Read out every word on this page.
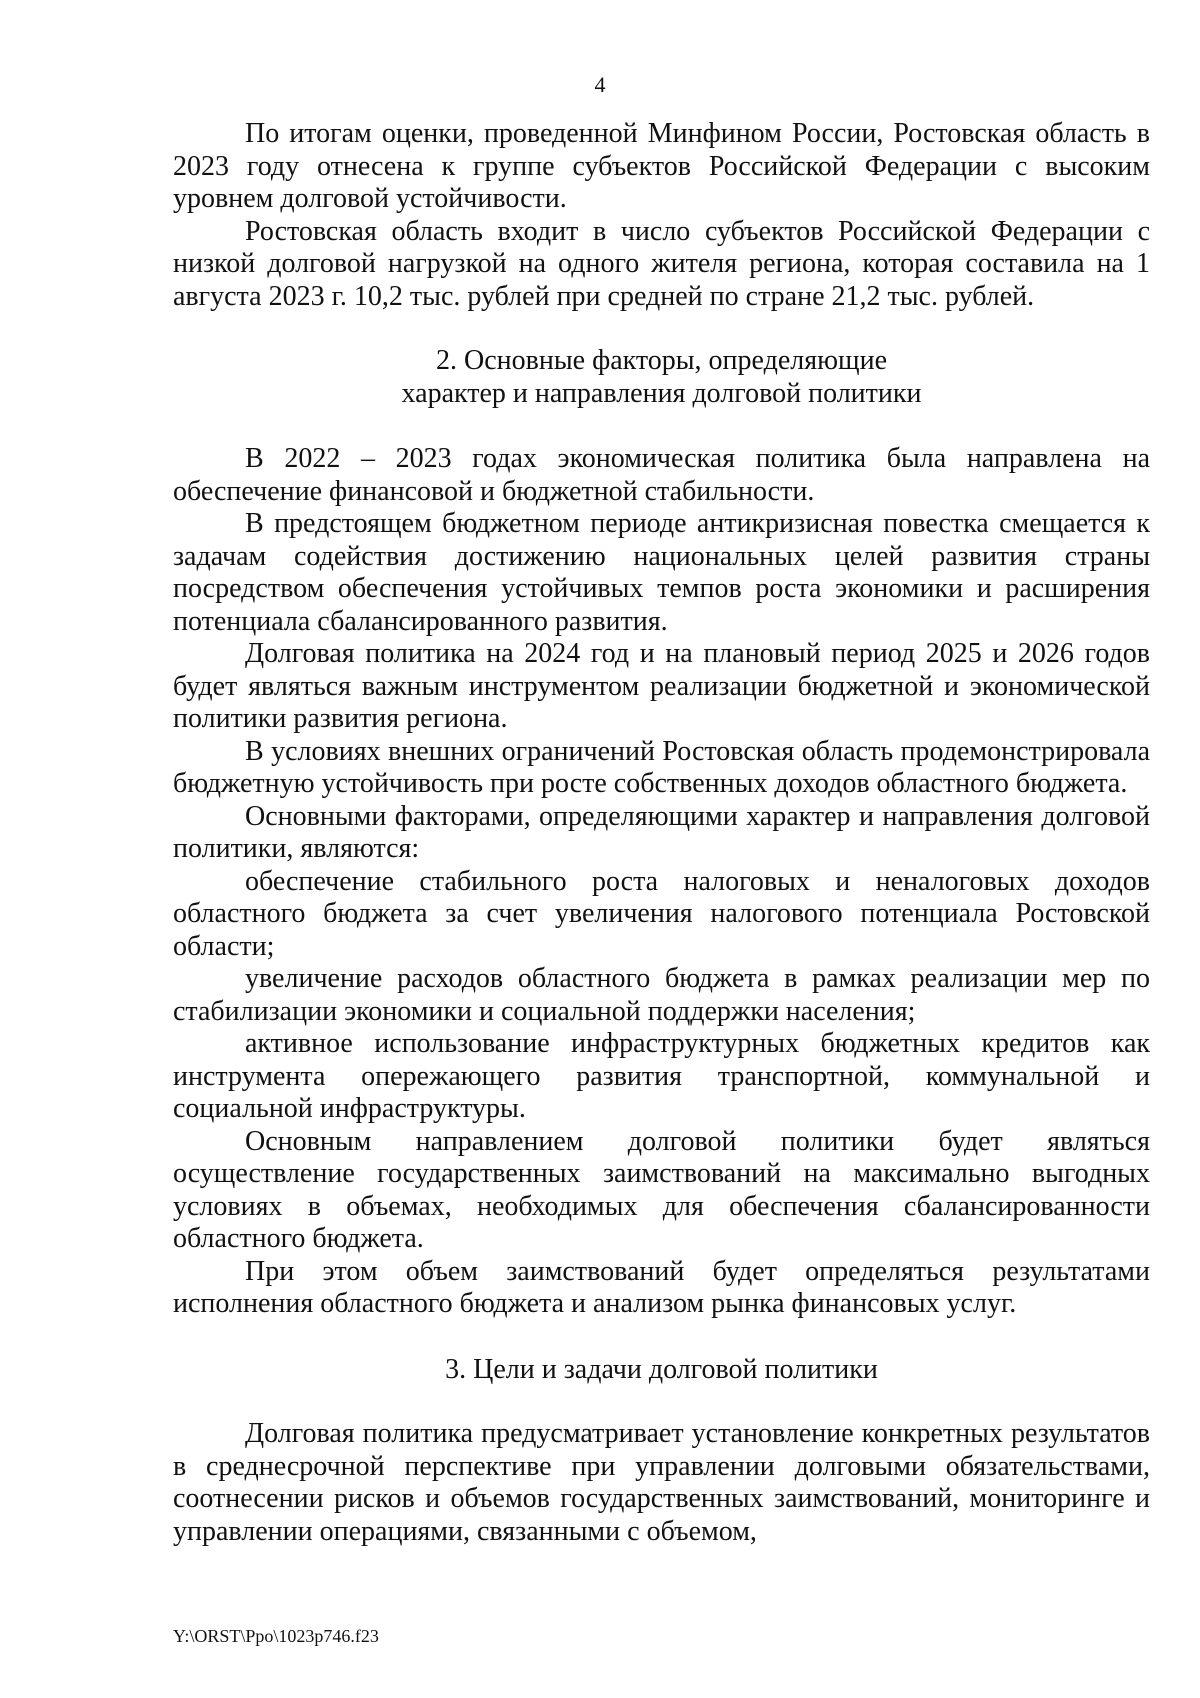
4

По итогам оценки, проведенной Минфином России, Ростовская область в 2023 году отнесена к группе субъектов Российской Федерации с высоким уровнем долговой устойчивости.

Ростовская область входит в число субъектов Российской Федерации с низкой долговой нагрузкой на одного жителя региона, которая составила на 1 августа 2023 г. 10,2 тыс. рублей при средней по стране 21,2 тыс. рублей.

2. Основные факторы, определяющие
характер и направления долговой политики

В 2022 – 2023 годах экономическая политика была направлена на обеспечение финансовой и бюджетной стабильности.

В предстоящем бюджетном периоде антикризисная повестка смещается к задачам содействия достижению национальных целей развития страны посредством обеспечения устойчивых темпов роста экономики и расширения потенциала сбалансированного развития.

Долговая политика на 2024 год и на плановый период 2025 и 2026 годов будет являться важным инструментом реализации бюджетной и экономической политики развития региона.

В условиях внешних ограничений Ростовская область продемонстрировала бюджетную устойчивость при росте собственных доходов областного бюджета.

Основными факторами, определяющими характер и направления долговой политики, являются:

обеспечение стабильного роста налоговых и неналоговых доходов областного бюджета за счет увеличения налогового потенциала Ростовской области;

увеличение расходов областного бюджета в рамках реализации мер по стабилизации экономики и социальной поддержки населения;

активное использование инфраструктурных бюджетных кредитов как инструмента опережающего развития транспортной, коммунальной и социальной инфраструктуры.

Основным направлением долговой политики будет являться осуществление государственных заимствований на максимально выгодных условиях в объемах, необходимых для обеспечения сбалансированности областного бюджета.

При этом объем заимствований будет определяться результатами исполнения областного бюджета и анализом рынка финансовых услуг.

3. Цели и задачи долговой политики

Долговая политика предусматривает установление конкретных результатов в среднесрочной перспективе при управлении долговыми обязательствами, соотнесении рисков и объемов государственных заимствований, мониторинге и управлении операциями, связанными с объемом,

Y:\ORST\Ppo\1023p746.f23
